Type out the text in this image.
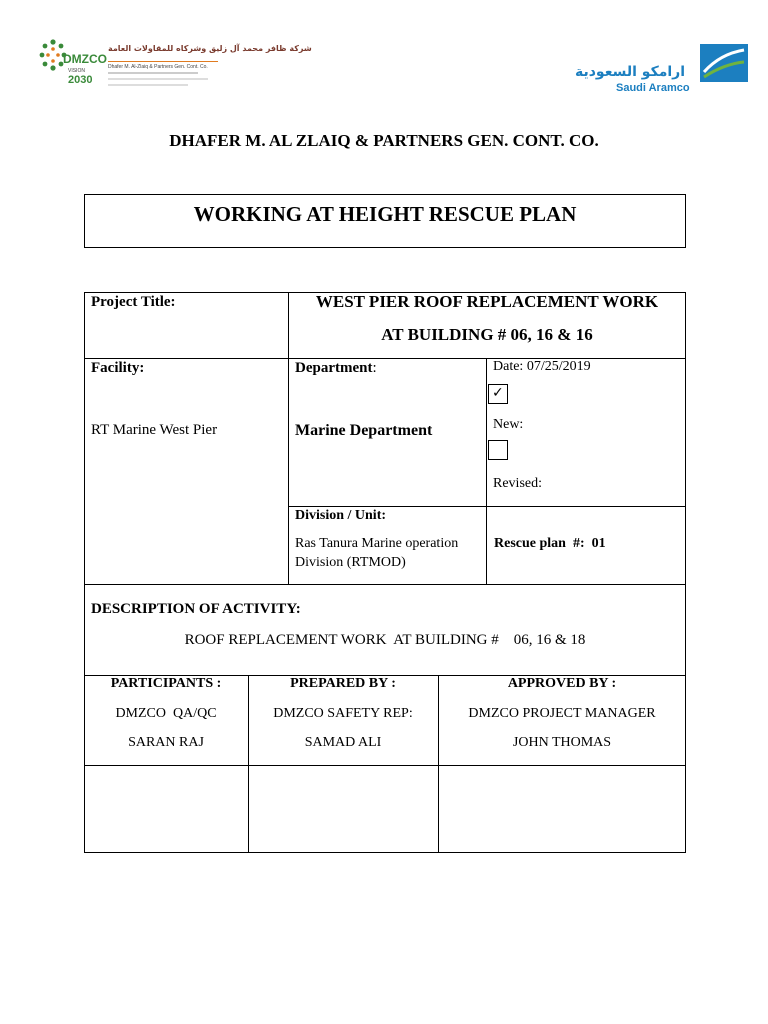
DMZCO
VISION
2030
شركة ظافر محمد آل زليق وشركاه للمقاولات العامة
Dhafer M. Al-Zlaiq & Partners Gen. Cont. Co.	ارامكو السعودية
Saudi Aramco
DHAFER M. AL ZLAIQ & PARTNERS GEN. CONT. CO.
WORKING AT HEIGHT RESCUE PLAN
Project Title:	WEST PIER ROOF REPLACEMENT WORK
AT BUILDING # 06, 16 & 16
Facility:
RT Marine West Pier
Department:
Marine Department
Date: 07/25/2019
✓
New:
Revised:
Division / Unit:
Ras Tanura Marine operation
Division (RTMOD)
Rescue plan  #:  01
DESCRIPTION OF ACTIVITY:
ROOF REPLACEMENT WORK  AT BUILDING #    06, 16 & 18
PARTICIPANTS :
DMZCO  QA/QC
SARAN RAJ
PREPARED BY :
DMZCO SAFETY REP:
SAMAD ALI
APPROVED BY :
DMZCO PROJECT MANAGER
JOHN THOMAS
